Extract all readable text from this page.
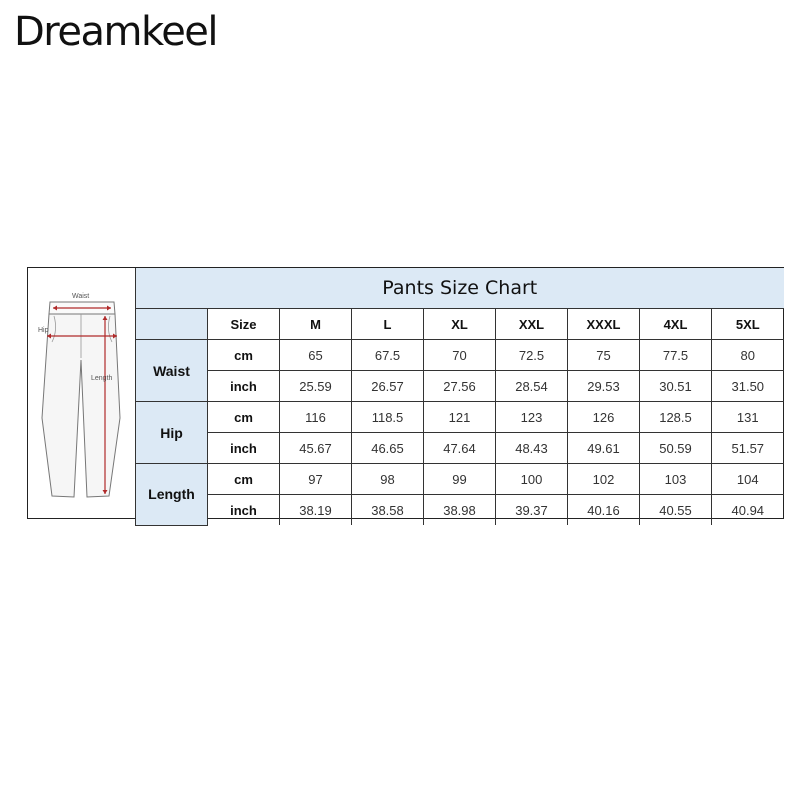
Dreamkeel
Waist
Hip
Length
Pants Size Chart								
	Size	M	L	XL	XXL	XXXL	4XL	5XL
Waist	cm	65	67.5	70	72.5	75	77.5	80
	inch	25.59	26.57	27.56	28.54	29.53	30.51	31.50
Hip	cm	116	118.5	121	123	126	128.5	131
	inch	45.67	46.65	47.64	48.43	49.61	50.59	51.57
Length	cm	97	98	99	100	102	103	104
	inch	38.19	38.58	38.98	39.37	40.16	40.55	40.94
